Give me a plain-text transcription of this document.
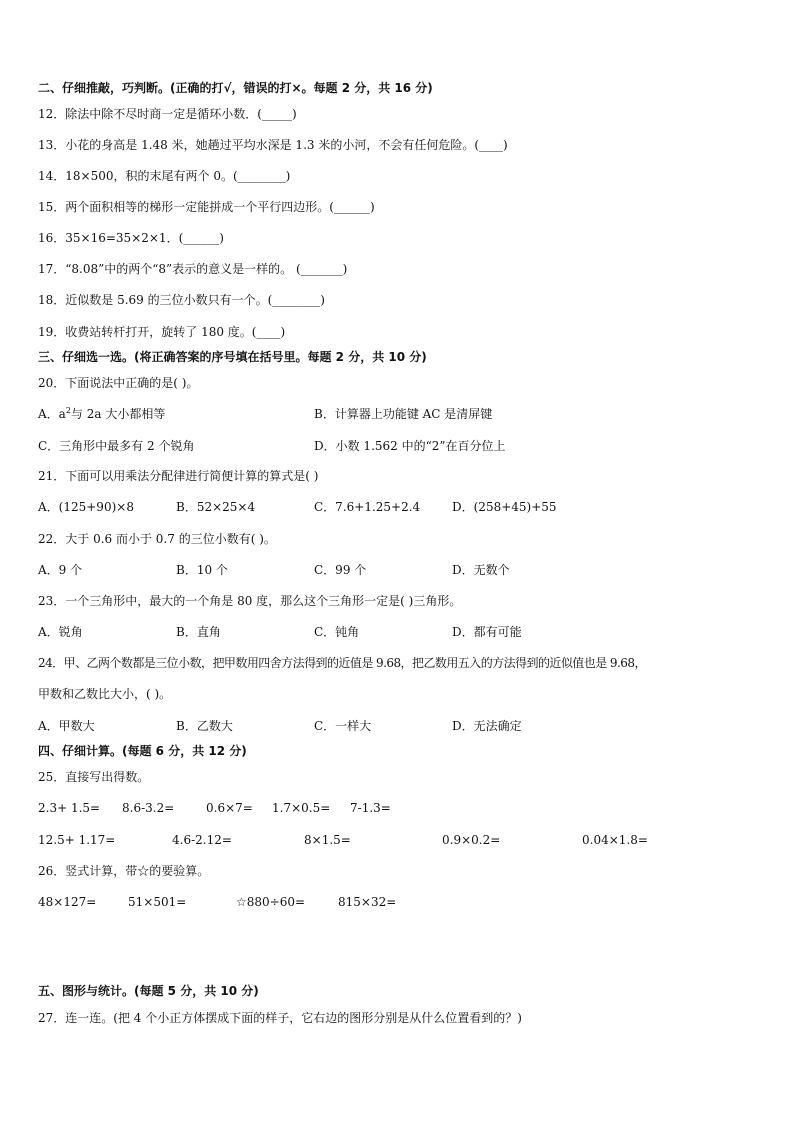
二、仔细推敲，巧判断。(正确的打√，错误的打×。每题 2 分，共 16 分)
12．除法中除不尽时商一定是循环小数．(_____)
13．小花的身高是 1.48 米，她趟过平均水深是 1.3 米的小河，不会有任何危险。(____)
14．18×500，积的末尾有两个 0。(________)
15．两个面积相等的梯形一定能拼成一个平行四边形。(______)
16．35×16=35×2×1．(______)
17．“8.08”中的两个“8”表示的意义是一样的。 (_______)
18．近似数是 5.69 的三位小数只有一个。(________)
19．收费站转杆打开，旋转了 180 度。(____)
三、仔细选一选。(将正确答案的序号填在括号里。每题 2 分，共 10 分)
20．下面说法中正确的是( )。
A．$a^2$与 2a 大小都相等	B．计算器上功能键 AC 是清屏键
C．三角形中最多有 2 个锐角	D．小数 1.562 中的“2”在百分位上
21．下面可以用乘法分配律进行简便计算的算式是( )
A．(125+90)×8	B．52×25×4	C．7.6+1.25+2.4	D．(258+45)+55
22．大于 0.6 而小于 0.7 的三位小数有( )。
A．9 个	B．10 个	C．99 个	D．无数个
23．一个三角形中，最大的一个角是 80 度，那么这个三角形一定是( )三角形。
A．锐角	B．直角	C．钝角	D．都有可能
24．甲、乙两个数都是三位小数，把甲数用四舍方法得到的近值是 9.68，把乙数用五入的方法得到的近似值也是 9.68，
甲数和乙数比大小，( )。
A．甲数大	B．乙数大	C．一样大	D．无法确定
四、仔细计算。(每题 6 分，共 12 分)
25．直接写出得数。
2.3+ 1.5= 8.6-3.2=	0.6×7= 1.7×0.5= 7-1.3=
12.5+ 1.17=	4.6-2.12=	8×1.5=	0.9×0.2=	0.04×1.8=
26．竖式计算，带☆的要验算。
48×127=	51×501=	☆880÷60=	815×32=
五、图形与统计。(每题 5 分，共 10 分)
27．连一连。(把 4 个小正方体摆成下面的样子，它右边的图形分别是从什么位置看到的？)
